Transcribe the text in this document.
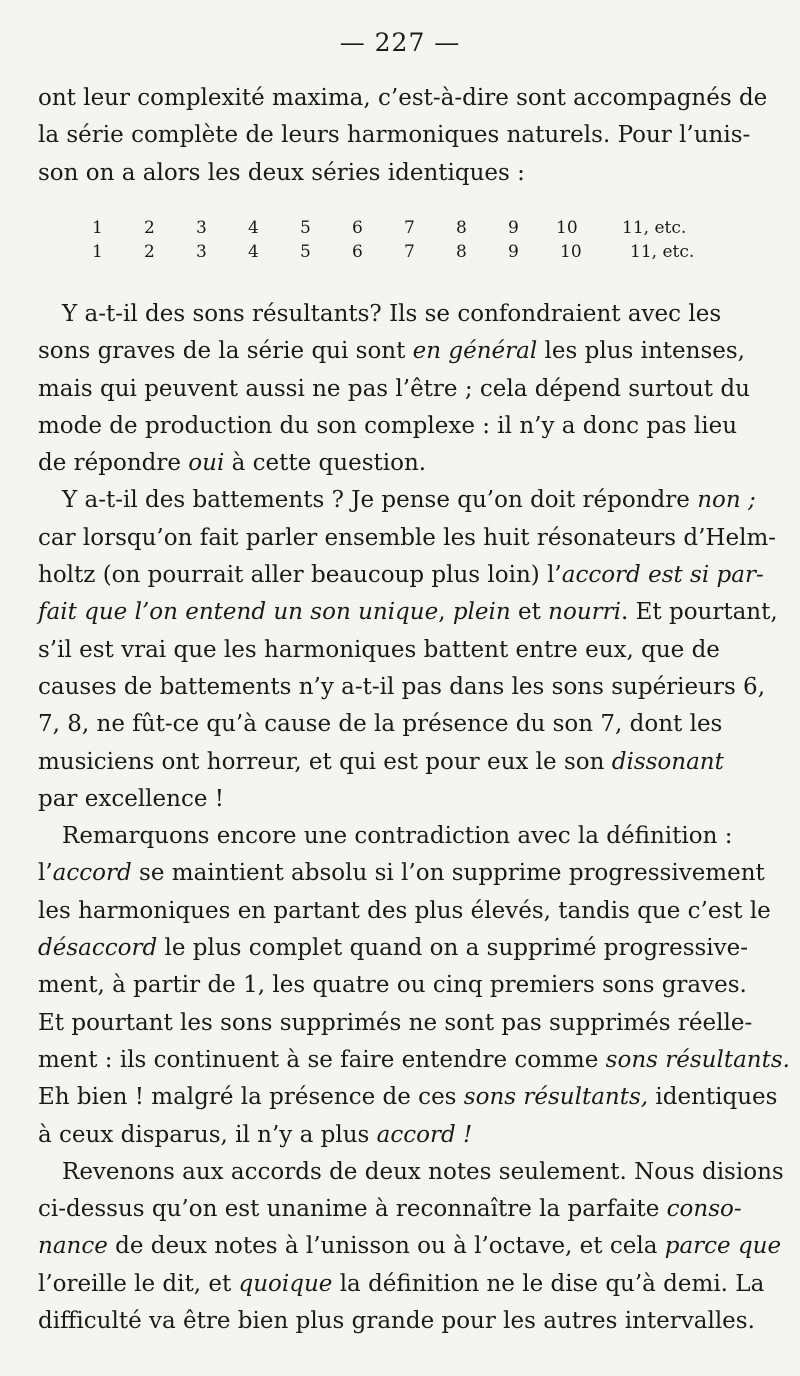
— 227 —
ont leur complexité maxima, c’est-à-dire sont accompagnés de
la série complète de leurs harmoniques naturels. Pour l’unis-
son on a alors les deux séries identiques :
1 2 3 4 5 6 7 8 9 10	11, etc.
1 2 3 4 5 6 7 8 9 10	11, etc.
Y a-t-il des sons résultants? Ils se confondraient avec les
sons graves de la série qui sont en général les plus intenses,
mais qui peuvent aussi ne pas l’être ; cela dépend surtout du
mode de production du son complexe : il n’y a donc pas lieu
de répondre oui à cette question.
Y a-t-il des battements ? Je pense qu’on doit répondre non ;
car lorsqu’on fait parler ensemble les huit résonateurs d’Helm-
holtz (on pourrait aller beaucoup plus loin) l’accord est si par-
fait que l’on entend un son unique, plein et nourri. Et pourtant,
s’il est vrai que les harmoniques battent entre eux, que de
causes de battements n’y a-t-il pas dans les sons supérieurs 6,
7, 8, ne fût-ce qu’à cause de la présence du son 7, dont les
musiciens ont horreur, et qui est pour eux le son dissonant
par excellence !
Remarquons encore une contradiction avec la définition :
l’accord se maintient absolu si l’on supprime progressivement
les harmoniques en partant des plus élevés, tandis que c’est le
désaccord le plus complet quand on a supprimé progressive-
ment, à partir de 1, les quatre ou cinq premiers sons graves.
Et pourtant les sons supprimés ne sont pas supprimés réelle-
ment : ils continuent à se faire entendre comme sons résultants.
Eh bien ! malgré la présence de ces sons résultants, identiques
à ceux disparus, il n’y a plus accord !
Revenons aux accords de deux notes seulement. Nous disions
ci-dessus qu’on est unanime à reconnaître la parfaite conso-
nance de deux notes à l’unisson ou à l’octave, et cela parce que
l’oreille le dit, et quoique la définition ne le dise qu’à demi. La
difficulté va être bien plus grande pour les autres intervalles.
